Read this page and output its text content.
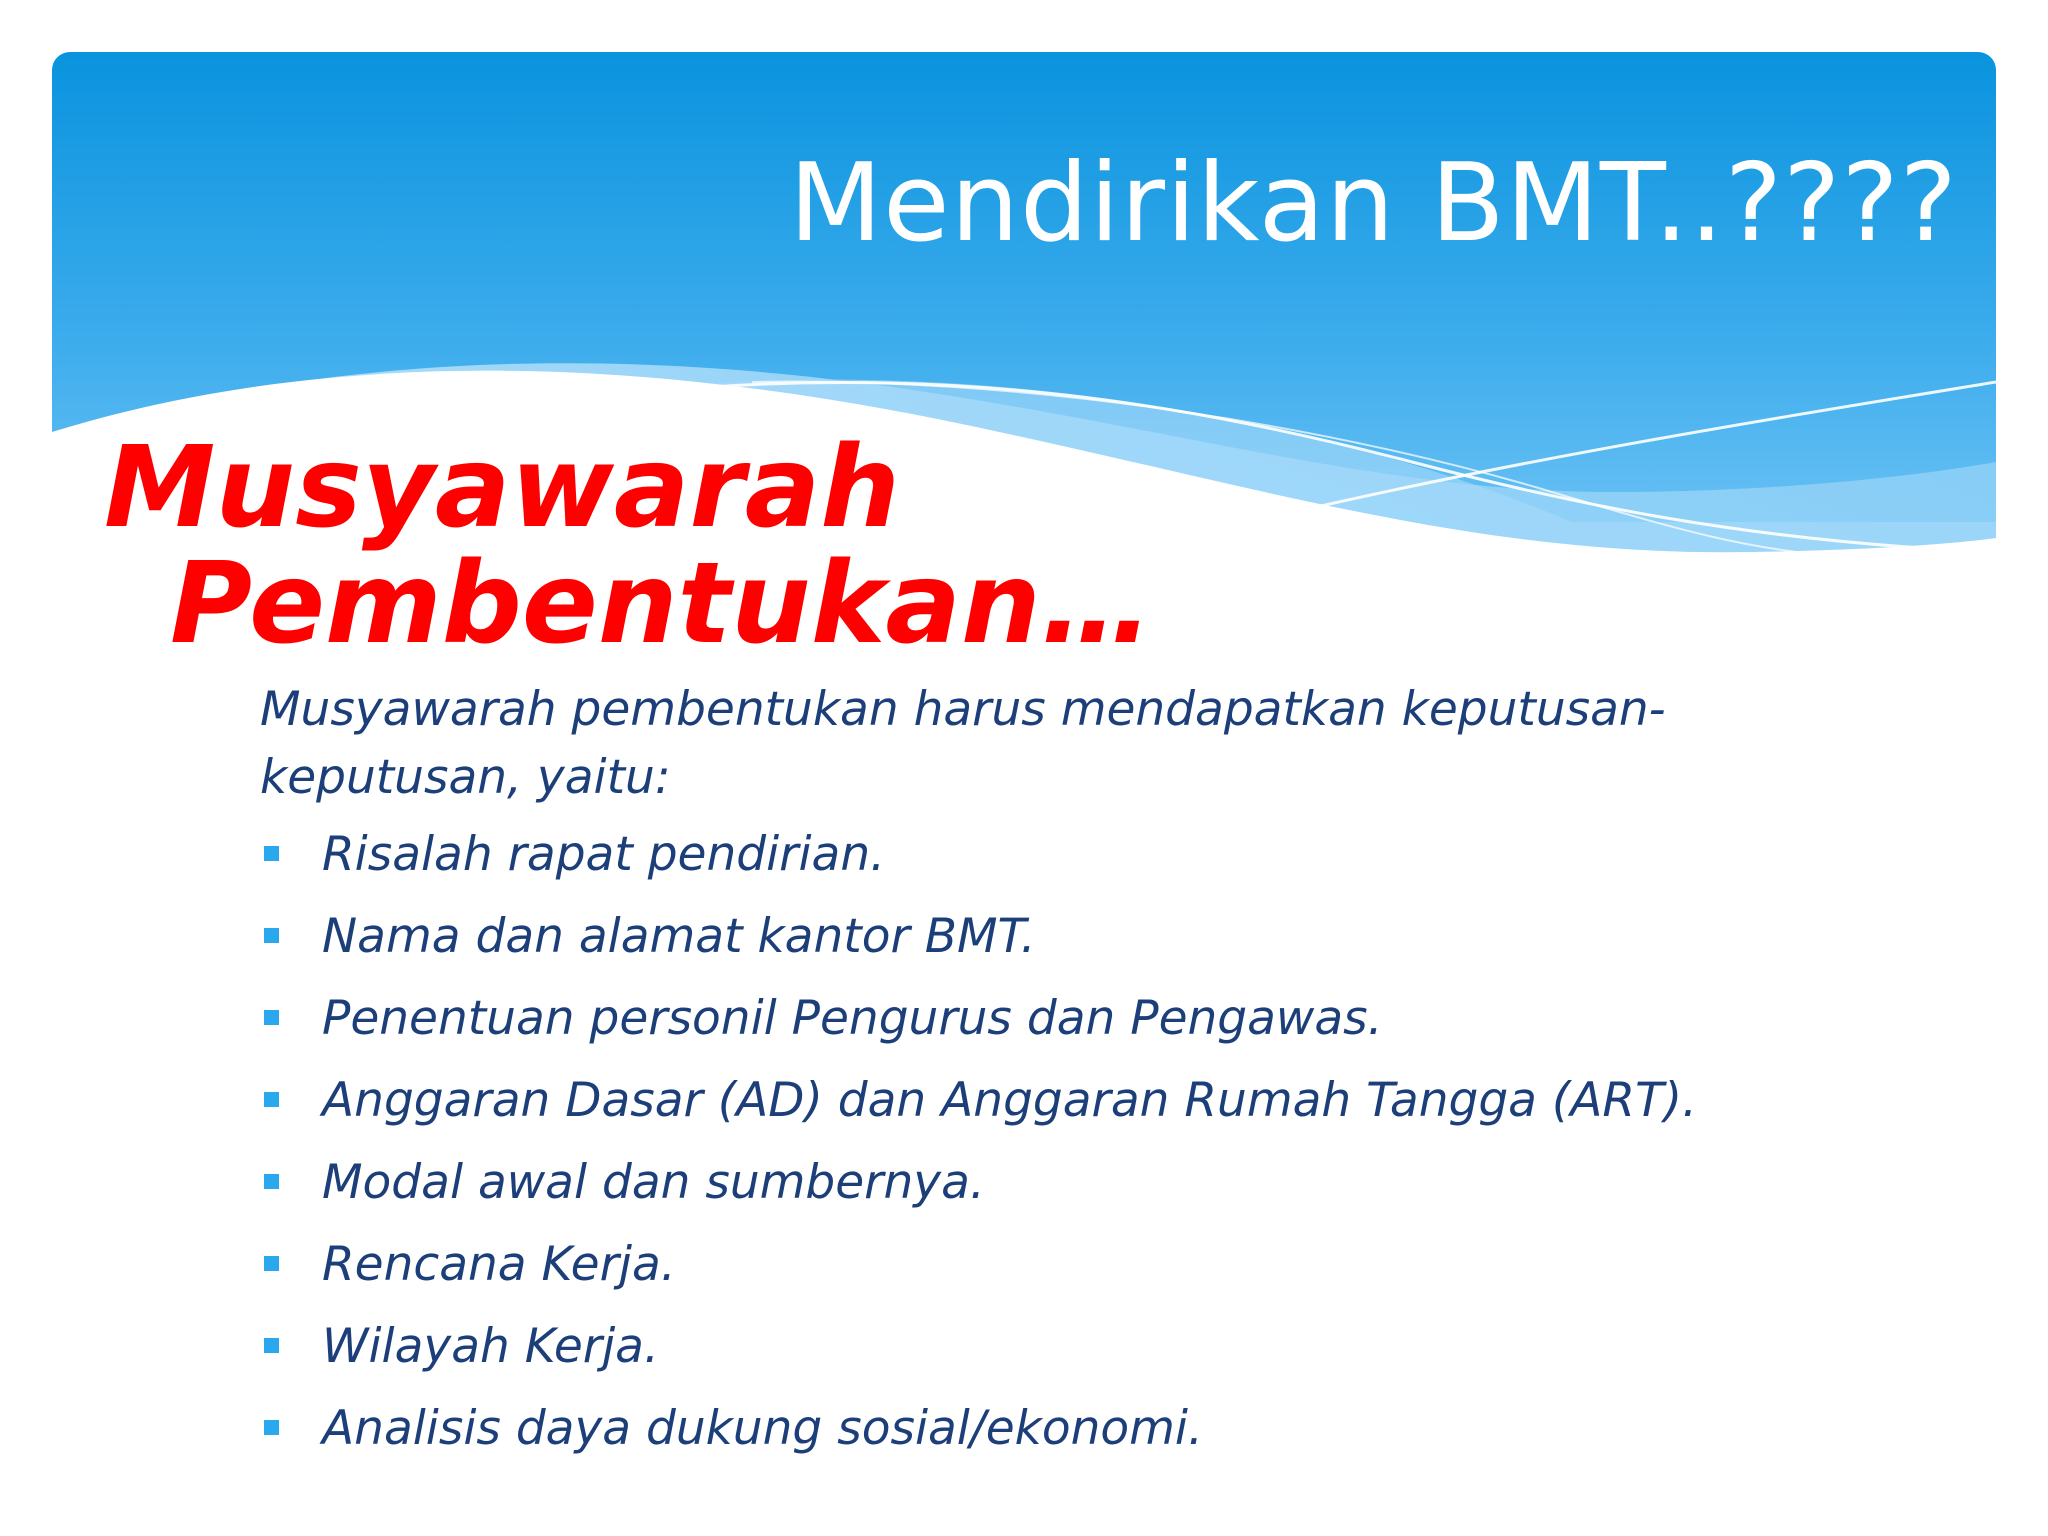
Mendirikan BMT..????
Musyawarah
Pembentukan…

Musyawarah pembentukan harus mendapatkan keputusan-keputusan, yaitu:

Risalah rapat pendirian.
Nama dan alamat kantor BMT.
Penentuan personil Pengurus dan Pengawas.
Anggaran Dasar (AD) dan Anggaran Rumah Tangga (ART).
Modal awal dan sumbernya.
Rencana Kerja.
Wilayah Kerja.
Analisis daya dukung sosial/ekonomi.
